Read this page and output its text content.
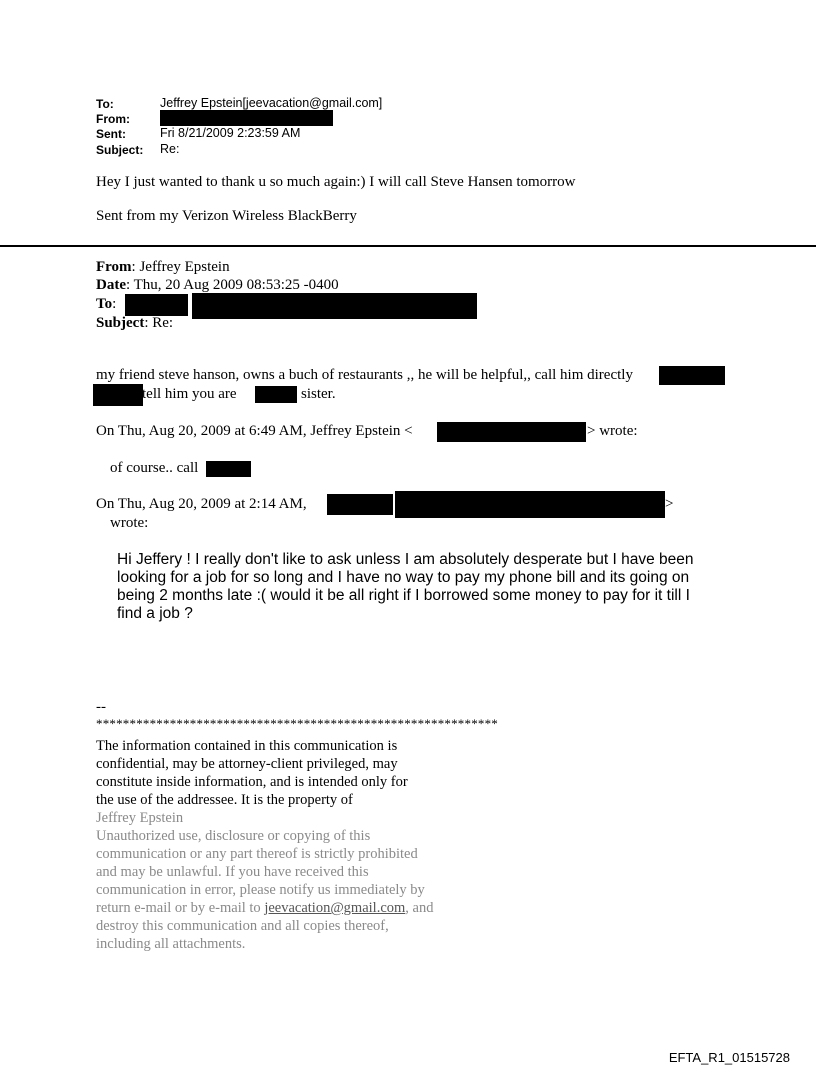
To:	Jeffrey Epstein[jeevacation@gmail.com]
From:
Sent:	Fri 8/21/2009 2:23:59 AM
Subject: Re:
Hey I just wanted to thank u so much again:) I will call Steve Hansen tomorrow
Sent from my Verizon Wireless BlackBerry
From: Jeffrey Epstein
Date: Thu, 20 Aug 2009 08:53:25 -0400
To:
Subject: Re:
my friend steve hanson, owns a buch of restaurants ,, he will be helpful,, call him directly
tell him you are	sister.
On Thu, Aug 20, 2009 at 6:49 AM, Jeffrey Epstein <	> wrote:
of course.. call
On Thu, Aug 20, 2009 at 2:14 AM,	>
wrote:
Hi Jeffery ! I really don't like to ask unless I am absolutely desperate but I have been
looking for a job for so long and I have no way to pay my phone bill and its going on
being 2 months late :( would it be all right if I borrowed some money to pay for it till I
find a job ?
--
************************************************************
The information contained in this communication is
confidential, may be attorney-client privileged, may
constitute inside information, and is intended only for
the use of the addressee. It is the property of
Jeffrey Epstein
Unauthorized use, disclosure or copying of this
communication or any part thereof is strictly prohibited
and may be unlawful. If you have received this
communication in error, please notify us immediately by
return e-mail or by e-mail to jeevacation@gmail.com, and
destroy this communication and all copies thereof,
including all attachments.
EFTA_R1_01515728
